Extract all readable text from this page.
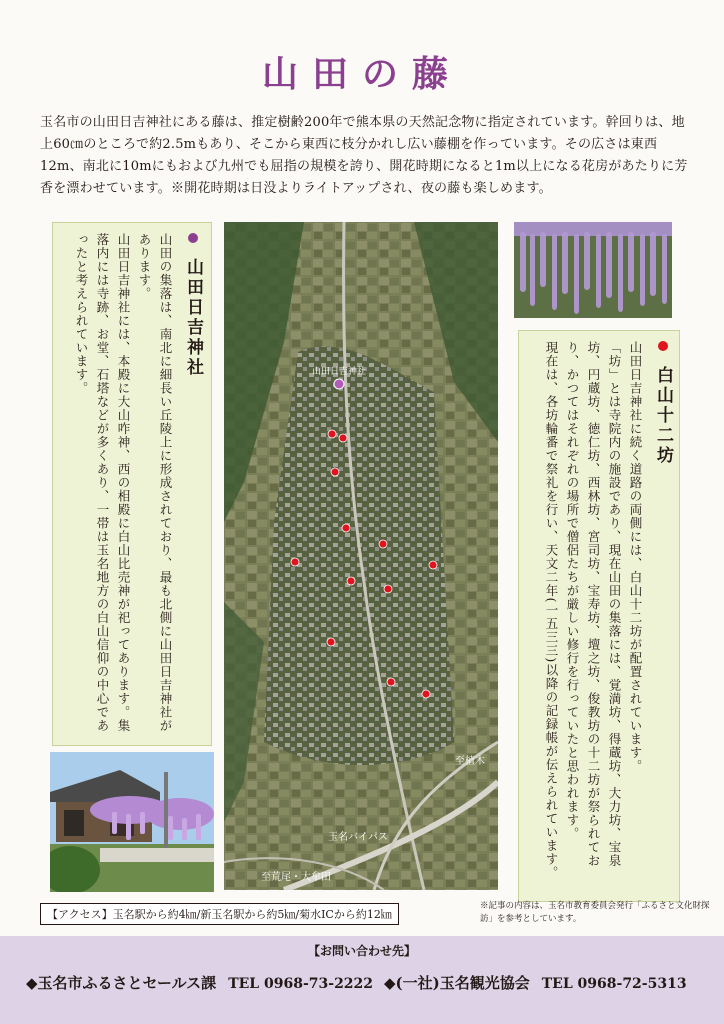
山田の藤
玉名市の山田日吉神社にある藤は、推定樹齢200年で熊本県の天然記念物に指定されています。幹回りは、地上60㎝のところで約2.5mもあり、そこから東西に枝分かれし広い藤棚を作っています。その広さは東西12m、南北に10mにもおよび九州でも屈指の規模を誇り、開花時期になると1m以上になる花房があたりに芳香を漂わせています。※開花時期は日没よりライトアップされ、夜の藤も楽しめます。
山田日吉神社

山田の集落は、南北に細長い丘陵上に形成されており、最も北側に山田日吉神社があります。

山田日吉神社には、本殿に大山咋神、西の相殿に白山比売神が祀ってあります。集落内には寺跡、お堂、石塔などが多くあり、一帯は玉名地方の白山信仰の中心であったと考えられています。	山田日吉神社
至植木
玉名バイパス
至荒尾・大牟田
白山十二坊

山田日吉神社に続く道路の両側には、白山十二坊が配置されています。

「坊」とは寺院内の施設であり、現在山田の集落には、覚満坊、得蔵坊、大力坊、宝泉坊、円蔵坊、徳仁坊、西林坊、宮司坊、宝寿坊、壇之坊、俊教坊の十二坊が祭られており、かつてはそれぞれの場所で僧侶たちが厳しい修行を行っていたと思われます。

現在は、各坊輪番で祭礼を行い、天文二年(一五三三)以降の記録帳が伝えられています。

【アクセス】玉名駅から約4㎞/新玉名駅から約5㎞/菊水ICから約12㎞
※記事の内容は、玉名市教育委員会発行「ふるさと文化財探訪」を参考としています。
【お問い合わせ先】
◆玉名市ふるさとセールス課 TEL 0968-73-2222 ◆(一社)玉名観光協会 TEL 0968-72-5313
